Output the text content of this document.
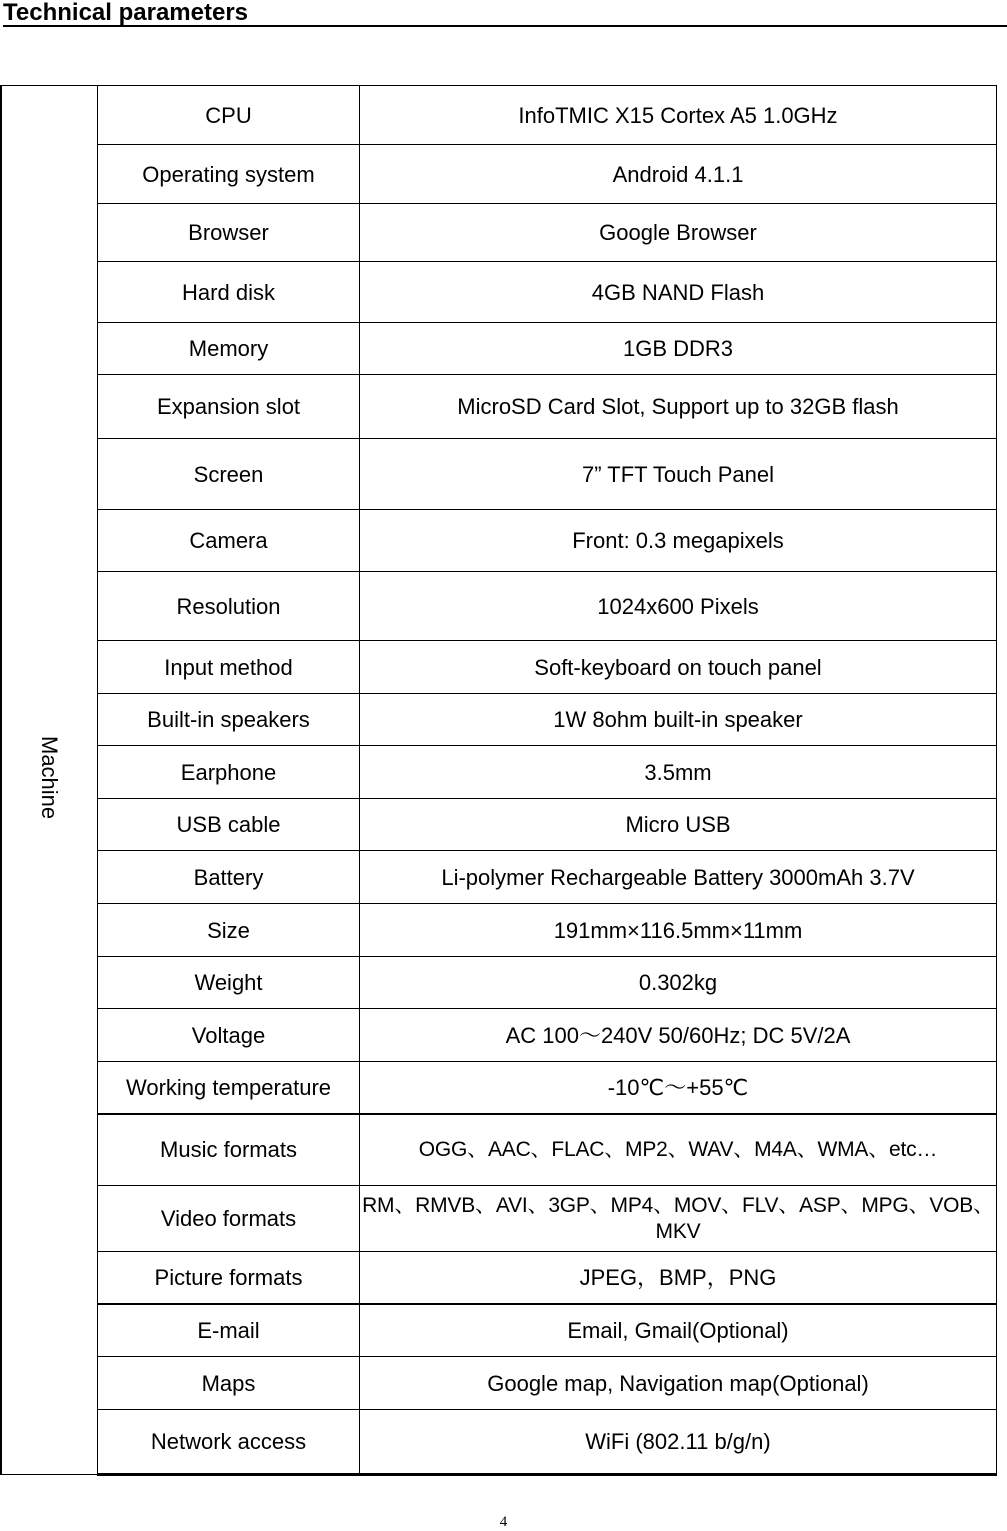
Technical parameters
Machine	CPU	InfoTMIC X15 Cortex A5 1.0GHz
	Operating system	Android 4.1.1
	Browser	Google Browser
	Hard disk	4GB NAND Flash
	Memory	1GB DDR3
	Expansion slot	MicroSD Card Slot, Support up to 32GB flash
	Screen	7” TFT Touch Panel
	Camera	Front: 0.3 megapixels
	Resolution	1024x600 Pixels
	Input method	Soft-keyboard on touch panel
	Built-in speakers	1W 8ohm built-in speaker
	Earphone	3.5mm
	USB cable	Micro USB
	Battery	Li-polymer Rechargeable Battery 3000mAh 3.7V
	Size	191mm×116.5mm×11mm
	Weight	0.302kg
	Voltage	AC 100～240V 50/60Hz; DC 5V/2A
	Working temperature	-10℃～+55℃
	Music formats	OGG、AAC、FLAC、MP2、WAV、M4A、WMA、etc…
	Video formats	RM、RMVB、AVI、3GP、MP4、MOV、FLV、ASP、MPG、VOB、 MKV
	Picture formats	JPEG，BMP，PNG
	E-mail	Email, Gmail(Optional)
	Maps	Google map, Navigation map(Optional)
	Network access	WiFi (802.11 b/g/n)
4
